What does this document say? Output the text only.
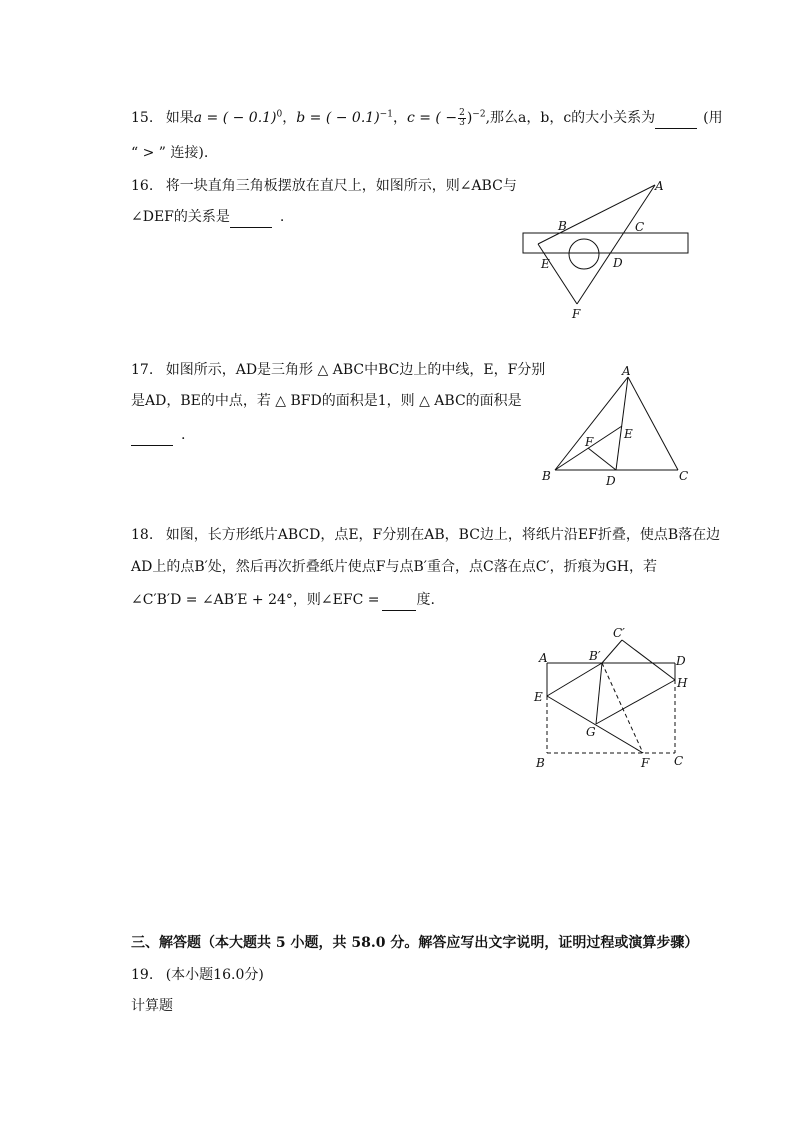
15. 如果a = ( − 0.1)$^0$，b = ( − 0.1)$^{-1}$，c = ( − $\frac{2}{3} )^{-2}$,那么a，b，c的大小关系为	(用
“ > ” 连接).
16. 将一块直角三角板摆放在直尺上，如图所示，则∠ABC与
∠DEF的关系是	.
A
B	C
E	D
F
17. 如图所示，AD是三角形 △ ABC中BC边上的中线，E，F分别
是AD，BE的中点，若 △ BFD的面积是1，则 △ ABC的面积是
.
A
E
F
B	D	C
18. 如图，长方形纸片ABCD，点E，F分别在AB，BC边上，将纸片沿EF折叠，使点B落在边
AD上的点B′处，然后再次折叠纸片使点F与点B′重合，点C落在点C′，折痕为GH，若
∠C′B′D = ∠AB′E + 24°，则∠EFC =	度.
C′
A	B′	D
H
E
G
B	F C
三、解答题（本大题共 5 小题，共 58.0 分。解答应写出文字说明，证明过程或演算步骤）
19. (本小题16.0分)
计算题
